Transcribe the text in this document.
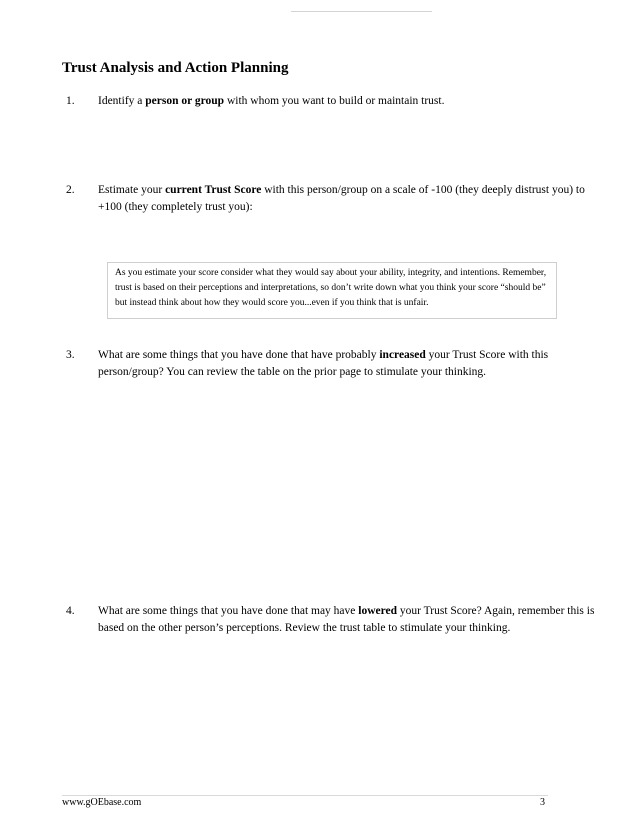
Trust Analysis and Action Planning
1. Identify a person or group with whom you want to build or maintain trust.
2. Estimate your current Trust Score with this person/group on a scale of -100 (they deeply distrust you) to +100 (they completely trust you):
As you estimate your score consider what they would say about your ability, integrity, and intentions. Remember, trust is based on their perceptions and interpretations, so don’t write down what you think your score “should be” but instead think about how they would score you...even if you think that is unfair.
3. What are some things that you have done that have probably increased your Trust Score with this person/group? You can review the table on the prior page to stimulate your thinking.
4. What are some things that you have done that may have lowered your Trust Score? Again, remember this is based on the other person’s perceptions. Review the trust table to stimulate your thinking.
www.gOEbase.com	3
